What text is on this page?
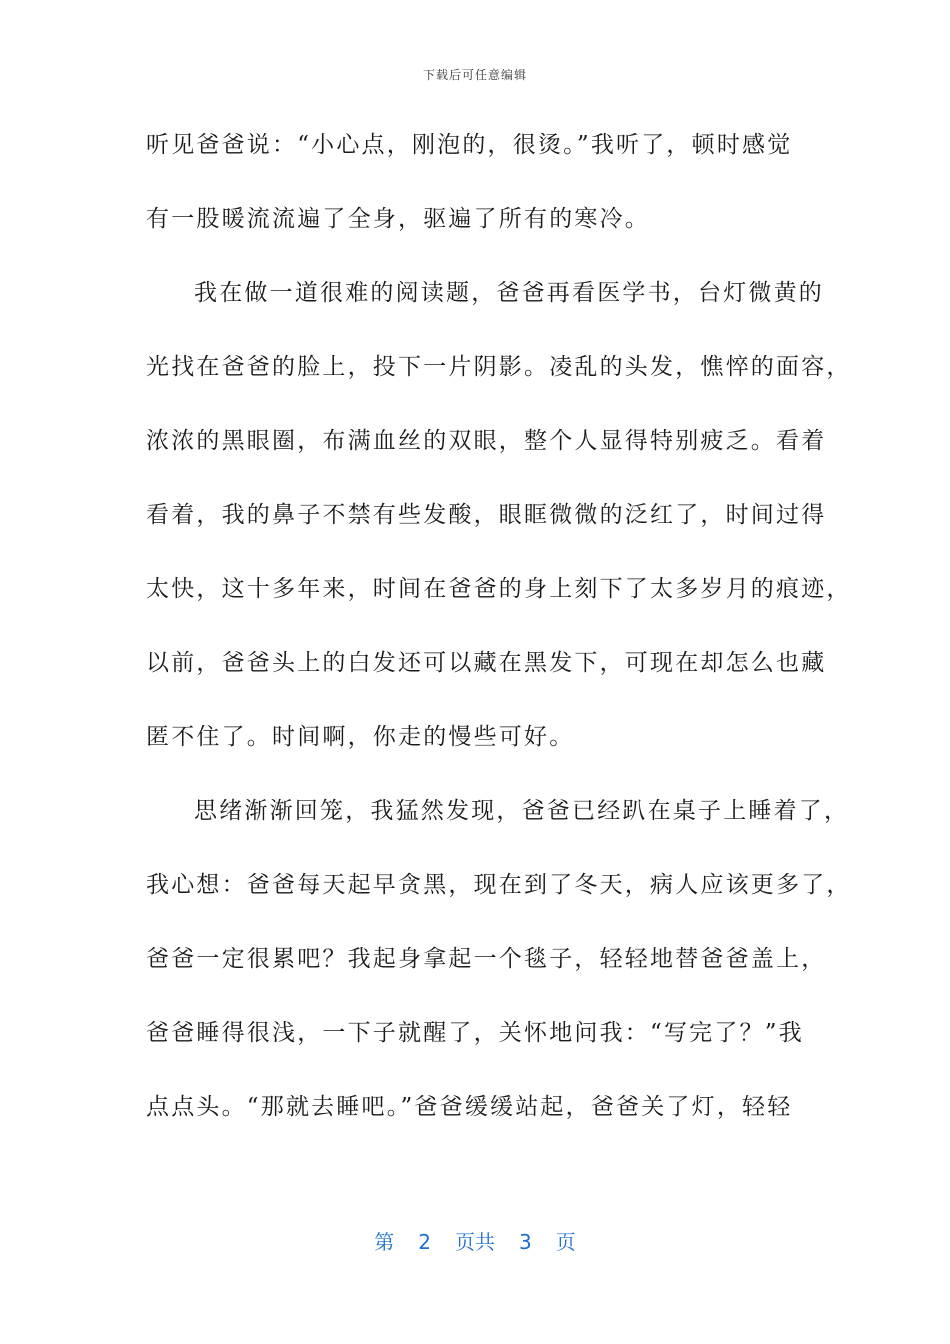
下载后可任意编辑
听见爸爸说：“小心点，刚泡的，很烫。”我听了，顿时感觉
有一股暖流流遍了全身，驱遍了所有的寒冷。
我在做一道很难的阅读题，爸爸再看医学书，台灯微黄的
光找在爸爸的脸上，投下一片阴影。凌乱的头发，憔悴的面容，
浓浓的黑眼圈，布满血丝的双眼，整个人显得特别疲乏。看着
看着，我的鼻子不禁有些发酸，眼眶微微的泛红了，时间过得
太快，这十多年来，时间在爸爸的身上刻下了太多岁月的痕迹，
以前，爸爸头上的白发还可以藏在黑发下，可现在却怎么也藏
匿不住了。时间啊，你走的慢些可好。
思绪渐渐回笼，我猛然发现，爸爸已经趴在桌子上睡着了，
我心想：爸爸每天起早贪黑，现在到了冬天，病人应该更多了，
爸爸一定很累吧？我起身拿起一个毯子，轻轻地替爸爸盖上，
爸爸睡得很浅，一下子就醒了，关怀地问我：“写完了？”我
点点头。“那就去睡吧。”爸爸缓缓站起，爸爸关了灯，轻轻
第 2 页共 3 页
